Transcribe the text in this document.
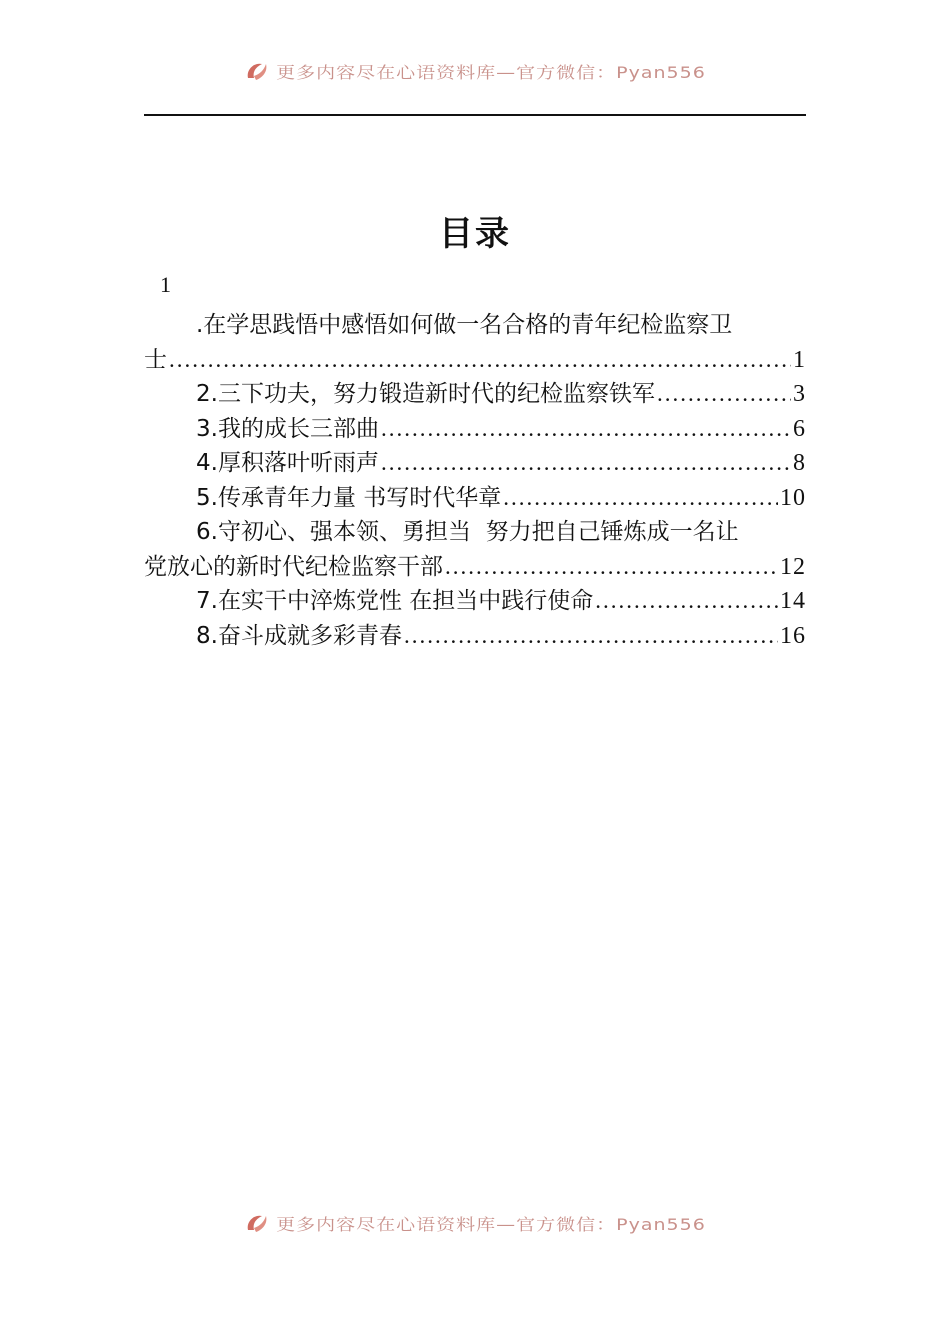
更多内容尽在心语资料库—官方微信：Pyan556
目录
1
.在学思践悟中感悟如何做一名合格的青年纪检监察卫
士 .....	1
2.三下功夫，努力锻造新时代的纪检监察铁军 .....	3
3.我的成长三部曲 .....	6
4.厚积落叶听雨声 .....	8
5.传承青年力量 书写时代华章 .....	10
6.守初心、强本领、勇担当  努力把自己锤炼成一名让
党放心的新时代纪检监察干部 .....	12
7.在实干中淬炼党性 在担当中践行使命 .....	14
8.奋斗成就多彩青春 .....	16
更多内容尽在心语资料库—官方微信：Pyan556
